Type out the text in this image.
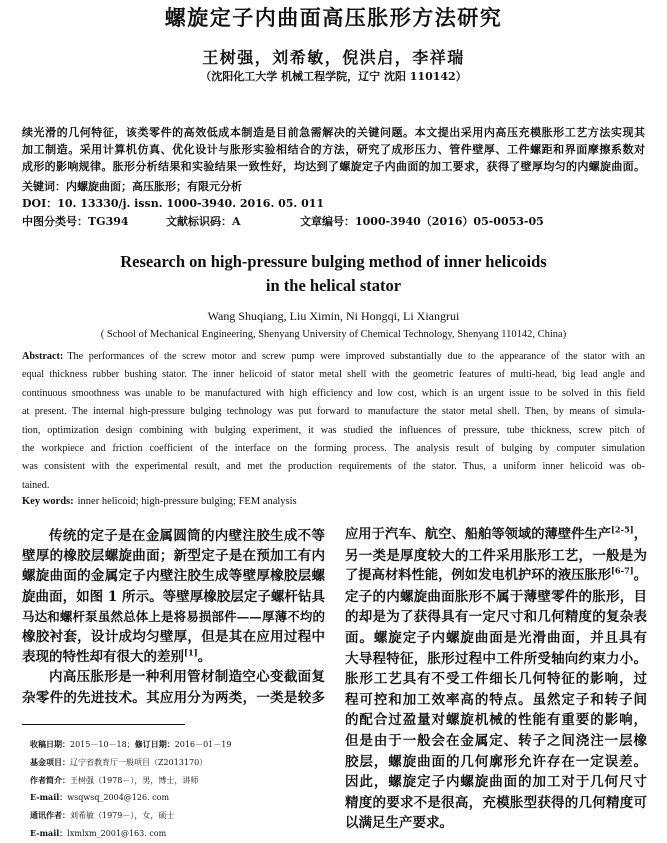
螺旋定子内曲面高压胀形方法研究
王树强，刘希敏，倪洪启，李祥瑞
（沈阳化工大学 机械工程学院，辽宁 沈阳 110142）
续光滑的几何特征，该类零件的高效低成本制造是目前急需解决的关键问题。本文提出采用内高压充模胀形工艺方法实现其
加工制造。采用计算机仿真、优化设计与胀形实验相结合的方法，研究了成形压力、管件壁厚、工件螺距和界面摩擦系数对
成形的影响规律。胀形分析结果和实验结果一致性好，均达到了螺旋定子内曲面的加工要求，获得了壁厚均匀的内螺旋曲面。
关键词：内螺旋曲面；高压胀形；有限元分析
DOI：10. 13330/j. issn. 1000-3940. 2016. 05. 011
中图分类号：TG394	文献标识码：A	文章编号：1000-3940（2016）05-0053-05
Research on high-pressure bulging method of inner helicoids
in the helical stator
Wang Shuqiang, Liu Ximin, Ni Hongqi, Li Xiangrui
( School of Mechanical Engineering, Shenyang University of Chemical Technology, Shenyang 110142, China)
Abstract: The performances of the screw motor and screw pump were improved substantially due to the appearance of the stator with an
equal thickness rubber bushing stator. The inner helicoid of stator metal shell with the geometric features of multi-head, big lead angle and
continuous smoothness was unable to be manufactured with high efficiency and low cost, which is an urgent issue to be solved in this field
at present. The internal high-pressure bulging technology was put forward to manufacture the stator metal shell. Then, by means of simula-
tion, optimization design combining with bulging experiment, it was studied the influences of pressure, tube thickness, screw pitch of
the workpiece and friction coefficient of the interface on the forming process. The analysis result of bulging by computer simulation
was consistent with the experimental result, and met the production requirements of the stator. Thus, a uniform inner helicoid was ob-
tained.
Key words: inner helicoid; high-pressure bulging; FEM analysis
传统的定子是在金属圆筒的内壁注胶生成不等
壁厚的橡胶层螺旋曲面；新型定子是在预加工有内
螺旋曲面的金属定子内壁注胶生成等壁厚橡胶层螺
旋曲面，如图 1 所示。等壁厚橡胶层定子螺杆钻具
马达和螺杆泵虽然总体上是将易损部件——厚薄不均的
橡胶衬套，设计成均匀壁厚，但是其在应用过程中
表现的特性却有很大的差别[1]。
内高压胀形是一种利用管材制造空心变截面复
杂零件的先进技术。其应用分为两类，一类是较多
应用于汽车、航空、船舶等领域的薄壁件生产[2-5]，
另一类是厚度较大的工件采用胀形工艺，一般是为
了提高材料性能，例如发电机护环的液压胀形[6-7]。
定子的内螺旋曲面胀形不属于薄壁零件的胀形，目
的却是为了获得具有一定尺寸和几何精度的复杂表
面。螺旋定子内螺旋曲面是光滑曲面，并且具有
大导程特征，胀形过程中工件所受轴向约束力小。
胀形工艺具有不受工件细长几何特征的影响，过
程可控和加工效率高的特点。虽然定子和转子间
的配合过盈量对螺旋机械的性能有重要的影响，
但是由于一般会在金属定、转子之间浇注一层橡
胶层，螺旋曲面的几何廓形允许存在一定误差。
因此，螺旋定子内螺旋曲面的加工对于几何尺寸
精度的要求不是很高，充模胀型获得的几何精度可
以满足生产要求。
收稿日期：2015－10－18；修订日期：2016－01－19
基金项目：辽宁省教育厅一般项目（Z2013170）
作者简介：王树强（1978－），男，博士，讲师
E-mail：wsqwsq_2004@126. com
通讯作者：刘希敏（1979－），女，硕士
E-mail：lxmlxm_2001@163. com
